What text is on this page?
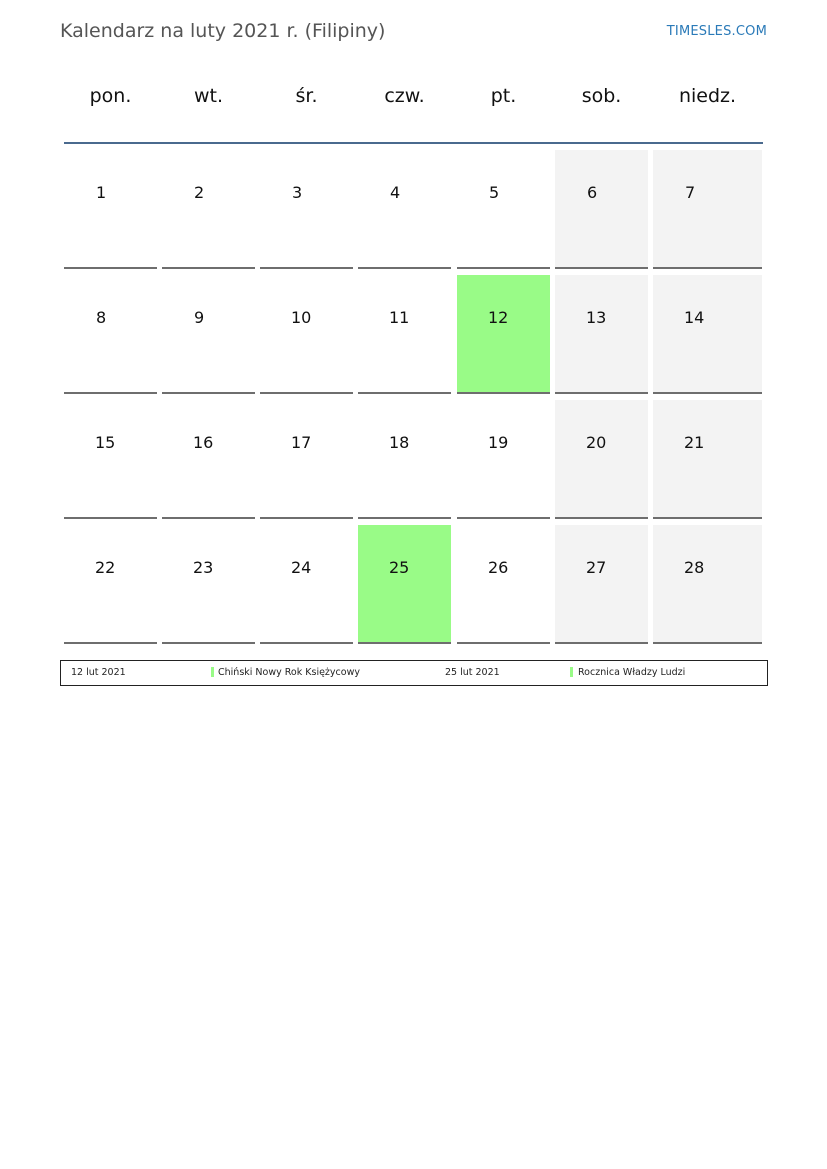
Kalendarz na luty 2021 r. (Filipiny)	TIMESLES.COM
pon.	wt.	śr.	czw.	pt.	sob.	niedz.
1	2	3	4	5	6	7
8	9	10	11	12	13	14
15	16	17	18	19	20	21
22	23	24	25	26	27	28
12 lut 2021	Chiński Nowy Rok Księżycowy	25 lut 2021	Rocznica Władzy Ludzi
